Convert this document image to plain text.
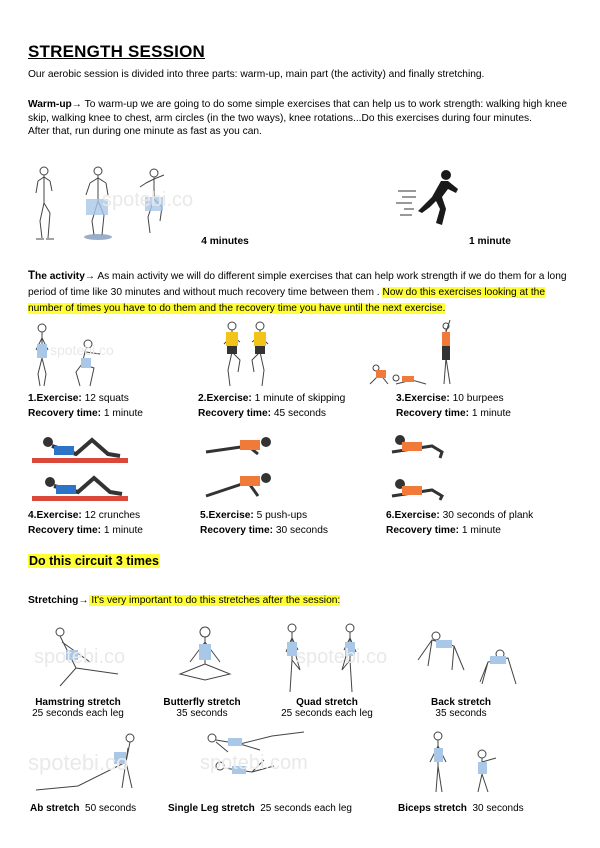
STRENGTH SESSION
Our aerobic session is divided into three parts: warm-up, main part (the activity) and finally stretching.
Warm-up→ To warm-up we are going to do some simple exercises that can help us to work strength: walking high knee skip, walking knee to chest, arm circles (in the two ways), knee rotations...Do this exercises during four minutes.
After that, run during one minute as fast as you can.
spotebi.co
4 minutes	1 minute
The activity→ As main activity we will do different simple exercises that can help work strength if we do them for a long period of time like 30 minutes and without much recovery time between them . Now do this exercises looking at the number of times you have to do them and the recovery time you have until the next exercise.
spotebi.co
1.Exercise: 12 squats
Recovery time: 1 minute
2.Exercise: 1 minute of skipping
Recovery time: 45 seconds
3.Exercise: 10 burpees
Recovery time: 1 minute
4.Exercise: 12 crunches
Recovery time: 1 minute
5.Exercise: 5 push-ups
Recovery time: 30 seconds
6.Exercise: 30 seconds of plank
Recovery time: 1 minute
Do this circuit 3 times
Stretching→ It's very important to do this stretches after the session:
spotebi.co	spotebi.co
Hamstring stretch
25 seconds each leg
Butterfly stretch
35 seconds
Quad stretch
25 seconds each leg
Back stretch
35 seconds
spotebi.co	spotebi.com
Ab stretch  50 seconds	Single Leg stretch  25 seconds each leg	Biceps stretch  30 seconds
